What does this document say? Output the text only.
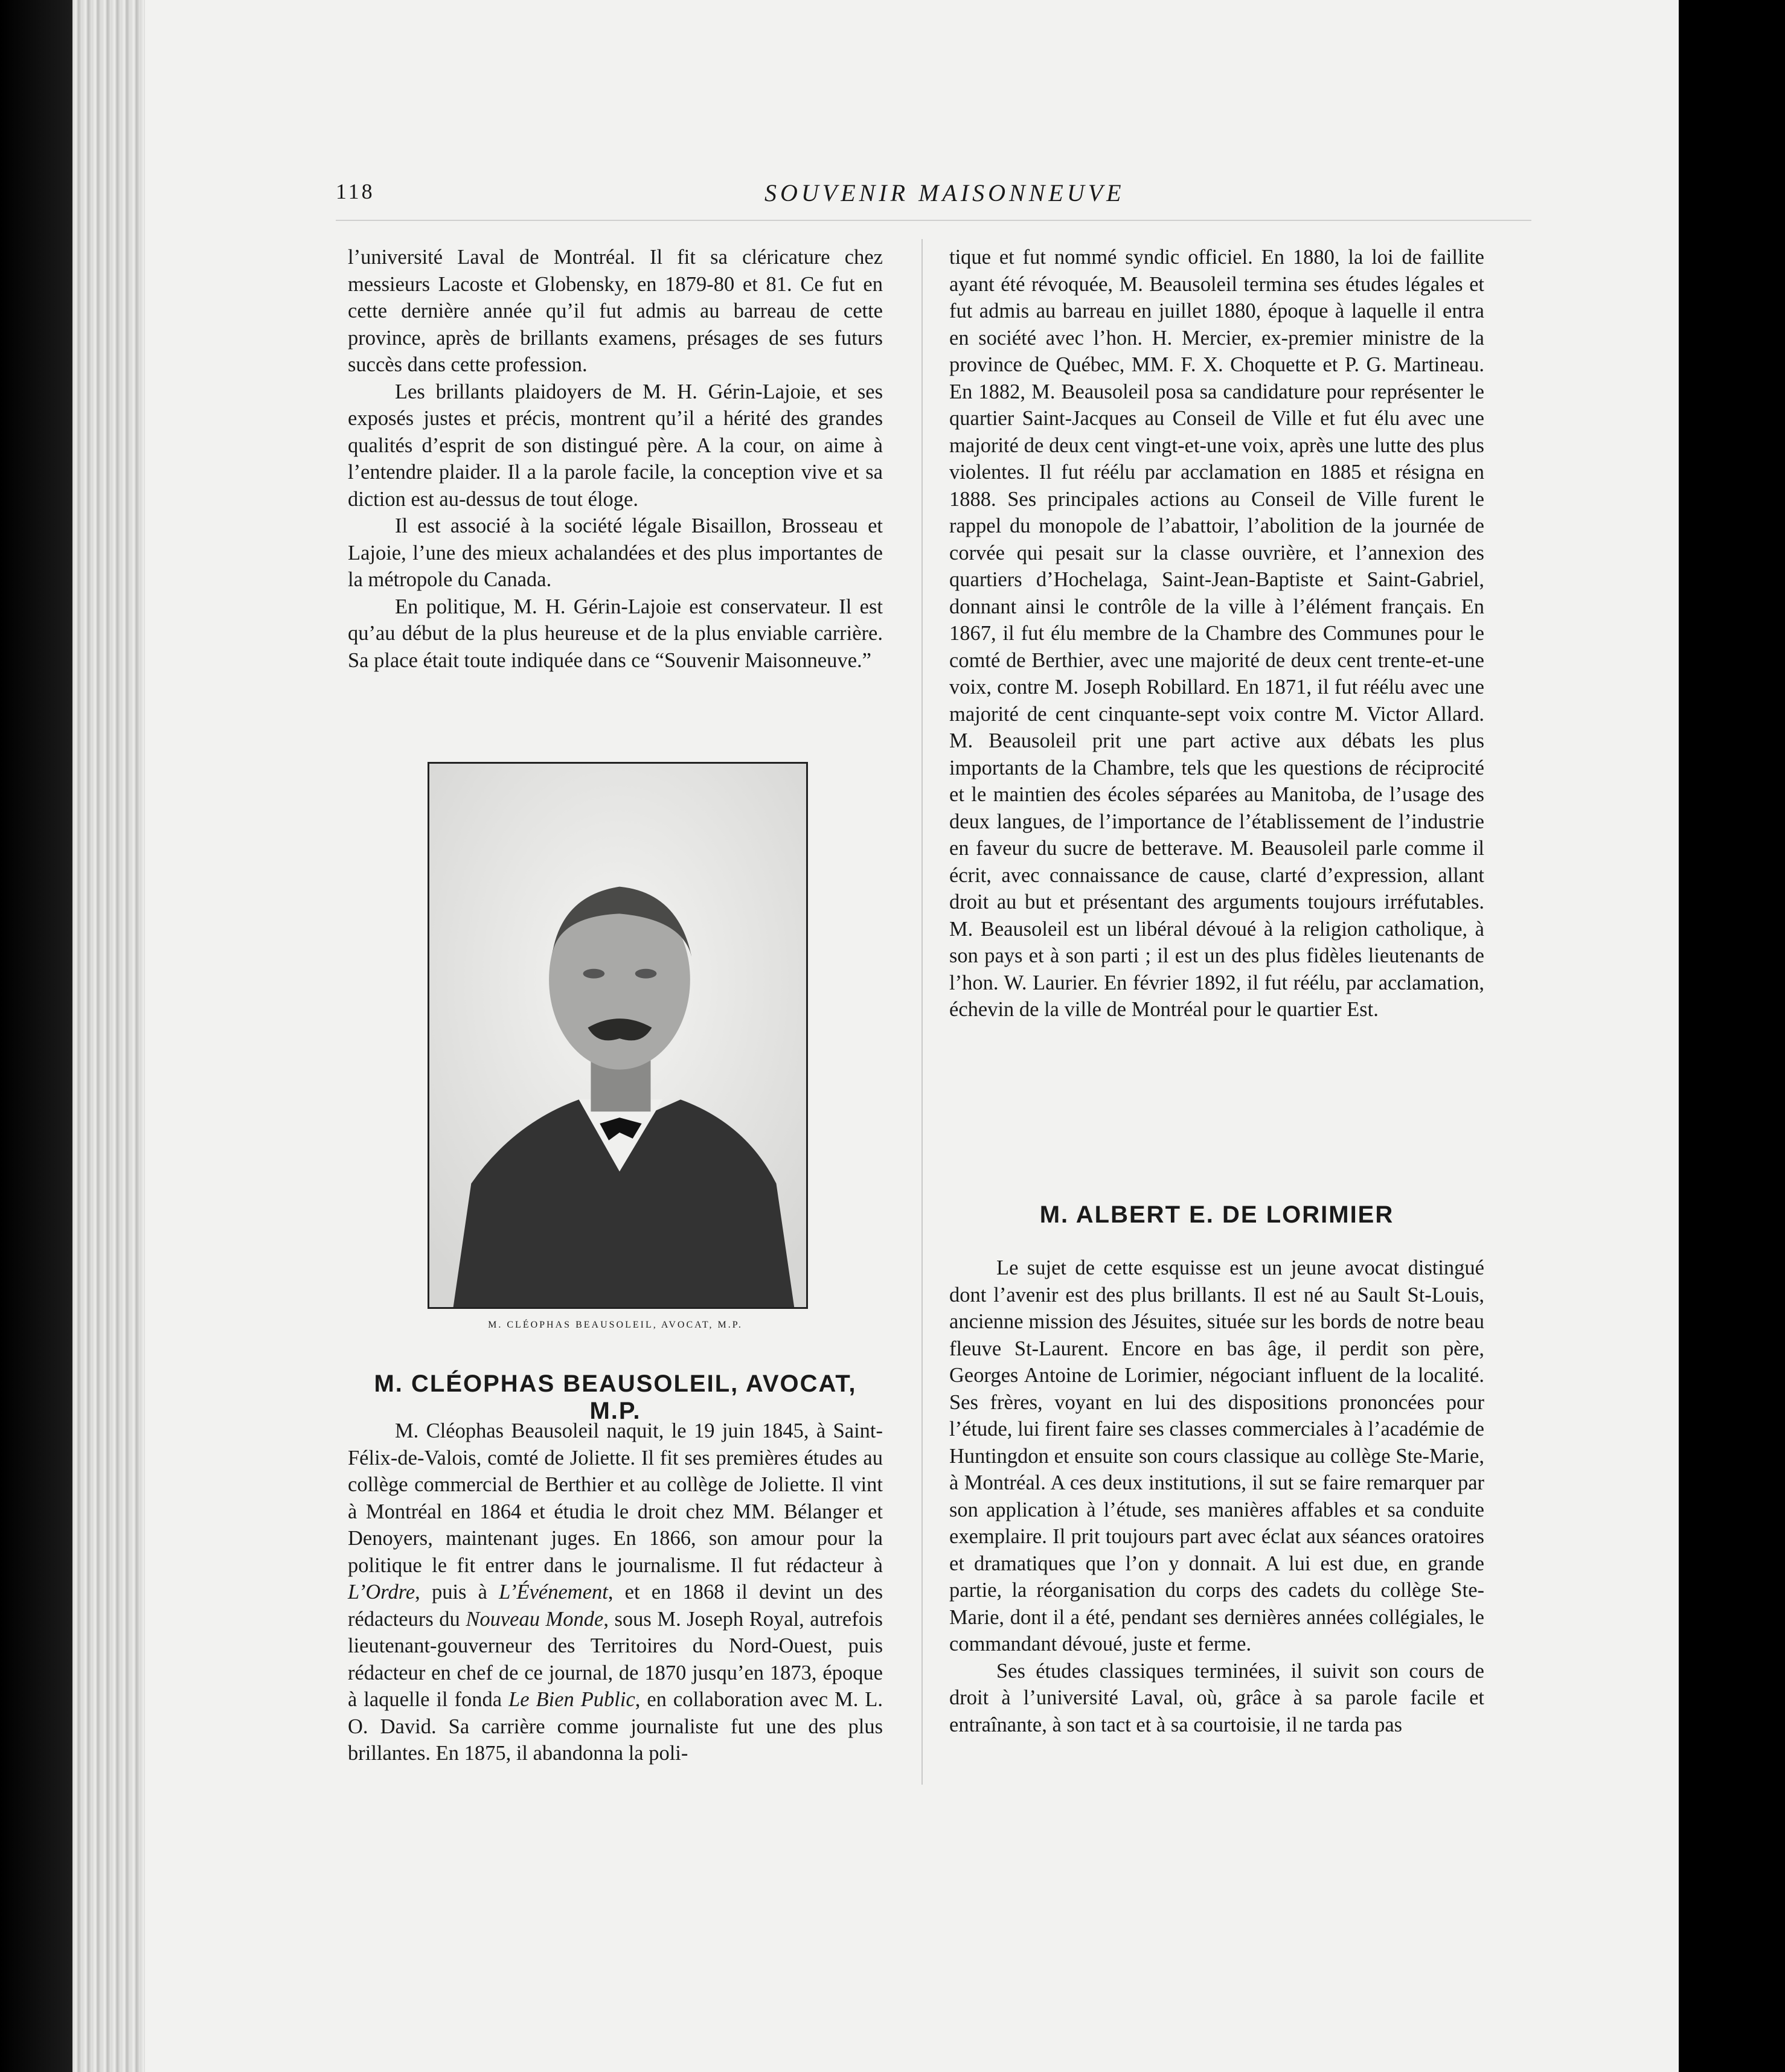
118	SOUVENIR MAISONNEUVE

l’université Laval de Montréal. Il fit sa cléricature chez messieurs Lacoste et Globensky, en 1879-80 et 81. Ce fut en cette dernière année qu’il fut admis au barreau de cette province, après de brillants examens, présages de ses futurs succès dans cette profession.

Les brillants plaidoyers de M. H. Gérin-Lajoie, et ses exposés justes et précis, montrent qu’il a hérité des grandes qualités d’esprit de son distingué père. A la cour, on aime à l’entendre plaider. Il a la parole facile, la conception vive et sa diction est au-dessus de tout éloge.

Il est associé à la société légale Bisaillon, Brosseau et Lajoie, l’une des mieux achalandées et des plus importantes de la métropole du Canada.

En politique, M. H. Gérin-Lajoie est conservateur. Il est qu’au début de la plus heureuse et de la plus enviable carrière. Sa place était toute indiquée dans ce “Souvenir Maisonneuve.”

M. CLÉOPHAS BEAUSOLEIL, AVOCAT, M.P.
M. CLÉOPHAS BEAUSOLEIL, AVOCAT, M.P.

M. Cléophas Beausoleil naquit, le 19 juin 1845, à Saint-Félix-de-Valois, comté de Joliette. Il fit ses premières études au collège commercial de Berthier et au collège de Joliette. Il vint à Montréal en 1864 et étudia le droit chez MM. Bélanger et Denoyers, maintenant juges. En 1866, son amour pour la politique le fit entrer dans le journalisme. Il fut rédacteur à L’Ordre, puis à L’Événement, et en 1868 il devint un des rédacteurs du Nouveau Monde, sous M. Joseph Royal, autrefois lieutenant-gouverneur des Territoires du Nord-Ouest, puis rédacteur en chef de ce journal, de 1870 jusqu’en 1873, époque à laquelle il fonda Le Bien Public, en collaboration avec M. L. O. David. Sa carrière comme journaliste fut une des plus brillantes. En 1875, il abandonna la poli-

tique et fut nommé syndic officiel. En 1880, la loi de faillite ayant été révoquée, M. Beausoleil termina ses études légales et fut admis au barreau en juillet 1880, époque à laquelle il entra en société avec l’hon. H. Mercier, ex-premier ministre de la province de Québec, MM. F. X. Choquette et P. G. Martineau. En 1882, M. Beausoleil posa sa candidature pour représenter le quartier Saint-Jacques au Conseil de Ville et fut élu avec une majorité de deux cent vingt-et-une voix, après une lutte des plus violentes. Il fut réélu par acclamation en 1885 et résigna en 1888. Ses principales actions au Conseil de Ville furent le rappel du monopole de l’abattoir, l’abolition de la journée de corvée qui pesait sur la classe ouvrière, et l’annexion des quartiers d’Hochelaga, Saint-Jean-Baptiste et Saint-Gabriel, donnant ainsi le contrôle de la ville à l’élément français. En 1867, il fut élu membre de la Chambre des Communes pour le comté de Berthier, avec une majorité de deux cent trente-et-une voix, contre M. Joseph Robillard. En 1871, il fut réélu avec une majorité de cent cinquante-sept voix contre M. Victor Allard. M. Beausoleil prit une part active aux débats les plus importants de la Chambre, tels que les questions de réciprocité et le maintien des écoles séparées au Manitoba, de l’usage des deux langues, de l’importance de l’établissement de l’industrie en faveur du sucre de betterave. M. Beausoleil parle comme il écrit, avec connaissance de cause, clarté d’expression, allant droit au but et présentant des arguments toujours irréfutables. M. Beausoleil est un libéral dévoué à la religion catholique, à son pays et à son parti ; il est un des plus fidèles lieutenants de l’hon. W. Laurier. En février 1892, il fut réélu, par acclamation, échevin de la ville de Montréal pour le quartier Est.

M. ALBERT E. DE LORIMIER

Le sujet de cette esquisse est un jeune avocat distingué dont l’avenir est des plus brillants. Il est né au Sault St-Louis, ancienne mission des Jésuites, située sur les bords de notre beau fleuve St-Laurent. Encore en bas âge, il perdit son père, Georges Antoine de Lorimier, négociant influent de la localité. Ses frères, voyant en lui des dispositions prononcées pour l’étude, lui firent faire ses classes commerciales à l’académie de Huntingdon et ensuite son cours classique au collège Ste-Marie, à Montréal. A ces deux institutions, il sut se faire remarquer par son application à l’étude, ses manières affables et sa conduite exemplaire. Il prit toujours part avec éclat aux séances oratoires et dramatiques que l’on y donnait. A lui est due, en grande partie, la réorganisation du corps des cadets du collège Ste-Marie, dont il a été, pendant ses dernières années collégiales, le commandant dévoué, juste et ferme.

Ses études classiques terminées, il suivit son cours de droit à l’université Laval, où, grâce à sa parole facile et entraînante, à son tact et à sa courtoisie, il ne tarda pas
